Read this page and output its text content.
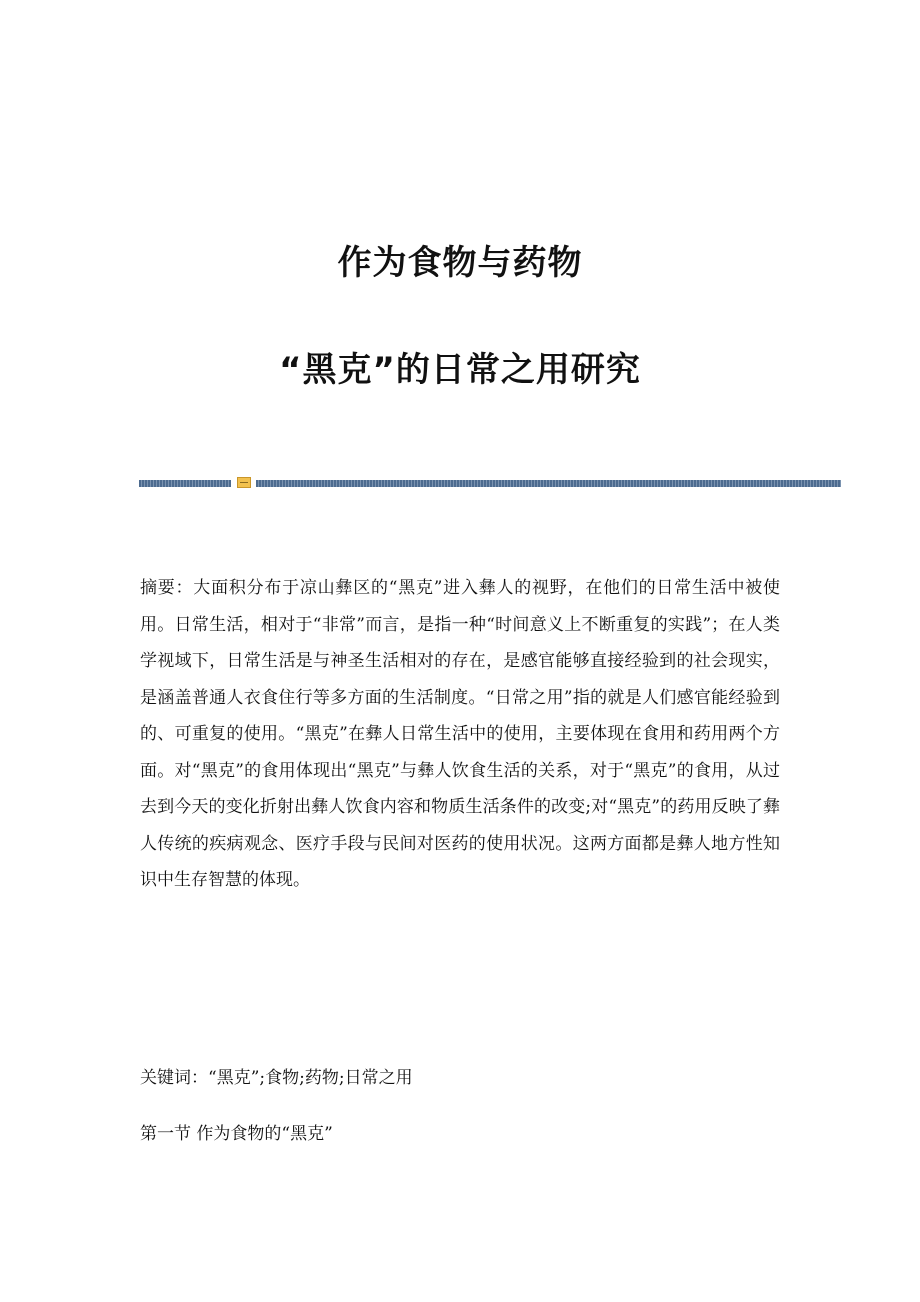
作为食物与药物
“黑克”的日常之用研究

摘要：大面积分布于凉山彝区的“黑克”进入彝人的视野，在他们的日常生活中被使用。日常生活，相对于“非常”而言，是指一种“时间意义上不断重复的实践”；在人类学视域下，日常生活是与神圣生活相对的存在，是感官能够直接经验到的社会现实， 是涵盖普通人衣食住行等多方面的生活制度。“日常之用”指的就是人们感官能经验到的、可重复的使用。“黑克”在彝人日常生活中的使用，主要体现在食用和药用两个方面。对“黑克”的食用体现出“黑克”与彝人饮食生活的关系，对于“黑克”的食用，从过去到今天的变化折射出彝人饮食内容和物质生活条件的改变;对“黑克”的药用反映了彝人传统的疾病观念、医疗手段与民间对医药的使用状况。这两方面都是彝人地方性知识中生存智慧的体现。

关键词：“黑克”;食物;药物;日常之用

第一节 作为食物的“黑克”
